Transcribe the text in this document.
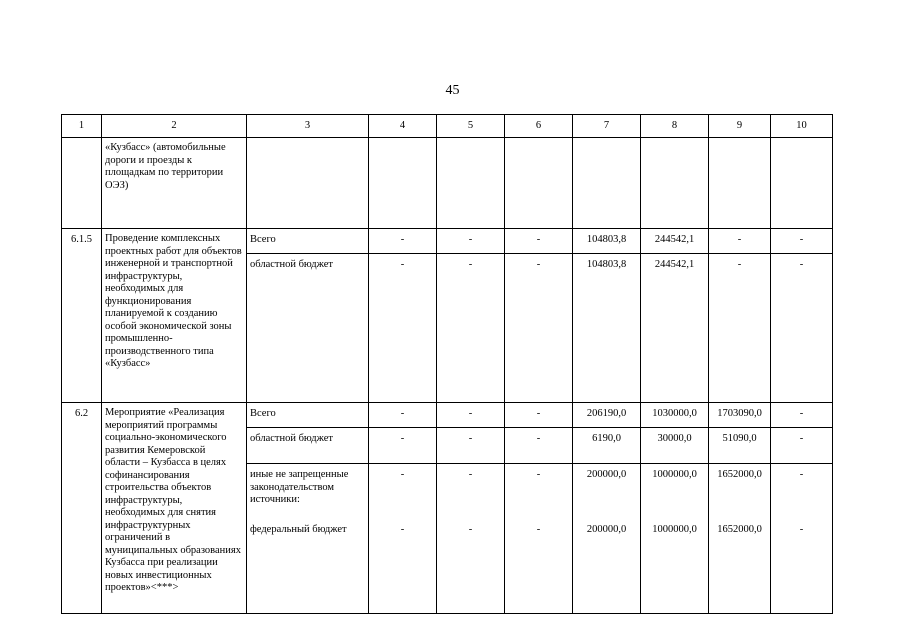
45
1	2	3	4	5	6	7	8	9	10
	«Кузбасс» (автомобильные дороги и проезды к площадкам по территории ОЭЗ)								
6.1.5	Проведение комплексных проектных работ для объектов инженерной и транспортной инфраструктуры, необходимых для функционирования планируемой к созданию особой экономической зоны промышленно-производственного типа «Кузбасс»	Всего	-	-	-	104803,8	244542,1	-	-
		областной бюджет	-	-	-	104803,8	244542,1	-	-
6.2	Мероприятие «Реализация мероприятий программы социально-экономического развития Кемеровской области – Кузбасса в целях софинансирования строительства объектов инфраструктуры, необходимых для снятия инфраструктурных ограничений в муниципальных образованиях Кузбасса при реализации новых инвестиционных проектов»<***>	Всего	-	-	-	206190,0	1030000,0	1703090,0	-
		областной бюджет	-	-	-	6190,0	30000,0	51090,0	-
		иные не запрещенные законодательством источники:	-	-	-	200000,0	1000000,0	1652000,0	-
		федеральный бюджет	-	-	-	200000,0	1000000,0	1652000,0	-
